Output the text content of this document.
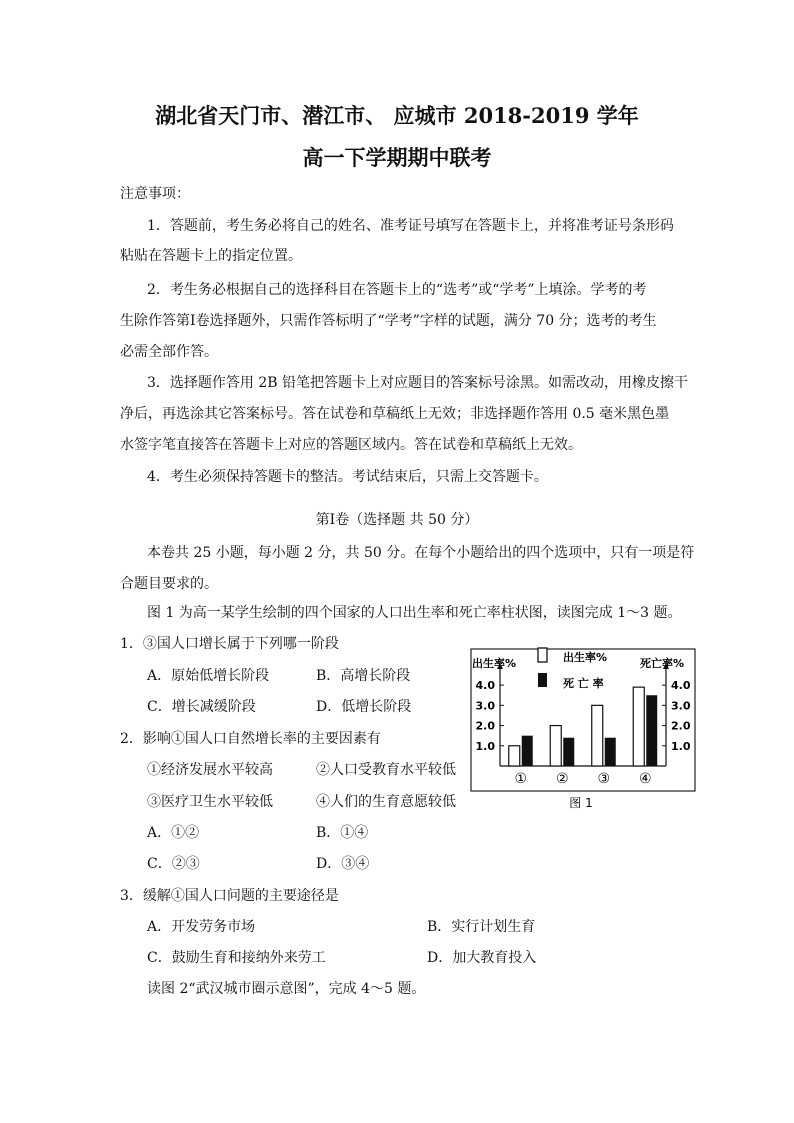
湖北省天门市、潜江市、 应城市 2018-2019 学年
高一下学期期中联考
注意事项：
1．答题前，考生务必将自己的姓名、准考证号填写在答题卡上，并将准考证号条形码
粘贴在答题卡上的指定位置。
2．考生务必根据自己的选择科目在答题卡上的“选考”或“学考”上填涂。学考的考
生除作答第Ⅰ卷选择题外，只需作答标明了“学考”字样的试题，满分 70 分；选考的考生
必需全部作答。
3．选择题作答用 2B 铅笔把答题卡上对应题目的答案标号涂黑。如需改动，用橡皮擦干
净后，再选涂其它答案标号。答在试卷和草稿纸上无效；非选择题作答用 0.5 毫米黑色墨
水签字笔直接答在答题卡上对应的答题区域内。答在试卷和草稿纸上无效。
4．考生必须保持答题卡的整洁。考试结束后，只需上交答题卡。
第Ⅰ卷（选择题 共 50 分）
本卷共 25 小题，每小题 2 分，共 50 分。在每个小题给出的四个选项中，只有一项是符
合题目要求的。
图 1 为高一某学生绘制的四个国家的人口出生率和死亡率柱状图，读图完成 1～3 题。
1．③国人口增长属于下列哪一阶段
A．原始低增长阶段	B．高增长阶段
C．增长减缓阶段	D．低增长阶段
2．影响①国人口自然增长率的主要因素有
①经济发展水平较高	②人口受教育水平较低
③医疗卫生水平较低	④人们的生育意愿较低
A．①②	B．①④
C．②③	D．③④
3．缓解①国人口问题的主要途径是
A．开发劳务市场	B．实行计划生育
C．鼓励生育和接纳外来劳工	D．加大教育投入
读图 2“武汉城市圈示意图”，完成 4～5 题。
1.0	1.0
2.0	2.0
3.0	3.0
4.0	4.0
出生率%	死亡率%
出生率%
死 亡 率
① ② ③ ④
图 1
